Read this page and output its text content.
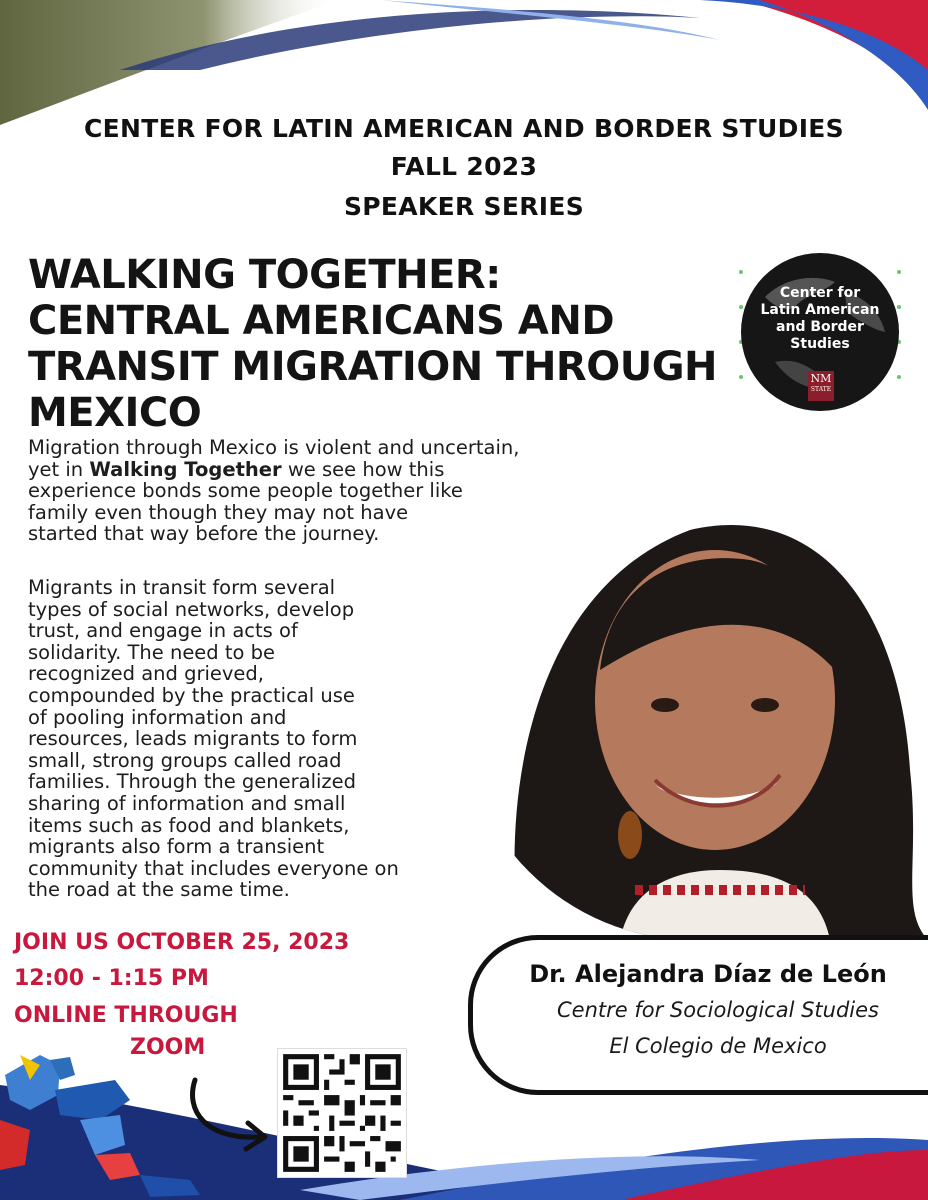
CENTER FOR LATIN AMERICAN AND BORDER STUDIES
FALL 2023
SPEAKER SERIES
WALKING TOGETHER:
CENTRAL AMERICANS AND
TRANSIT MIGRATION THROUGH
MEXICO
Center for
Latin American
and Border
Studies
NM
STATE
Migration through Mexico is violent and uncertain,
yet in Walking Together we see how this
experience bonds some people together like
family even though they may not have
started that way before the journey.
Migrants in transit form several
types of social networks, develop
trust, and engage in acts of
solidarity. The need to be
recognized and grieved,
compounded by the practical use
of pooling information and
resources, leads migrants to form
small, strong groups called road
families. Through the generalized
sharing of information and small
items such as food and blankets,
migrants also form a transient
community that includes everyone on
the road at the same time.
JOIN US OCTOBER 25, 2023
12:00 - 1:15 PM
ONLINE THROUGH
ZOOM
Dr. Alejandra Díaz de León
Centre for Sociological Studies
El Colegio de Mexico
